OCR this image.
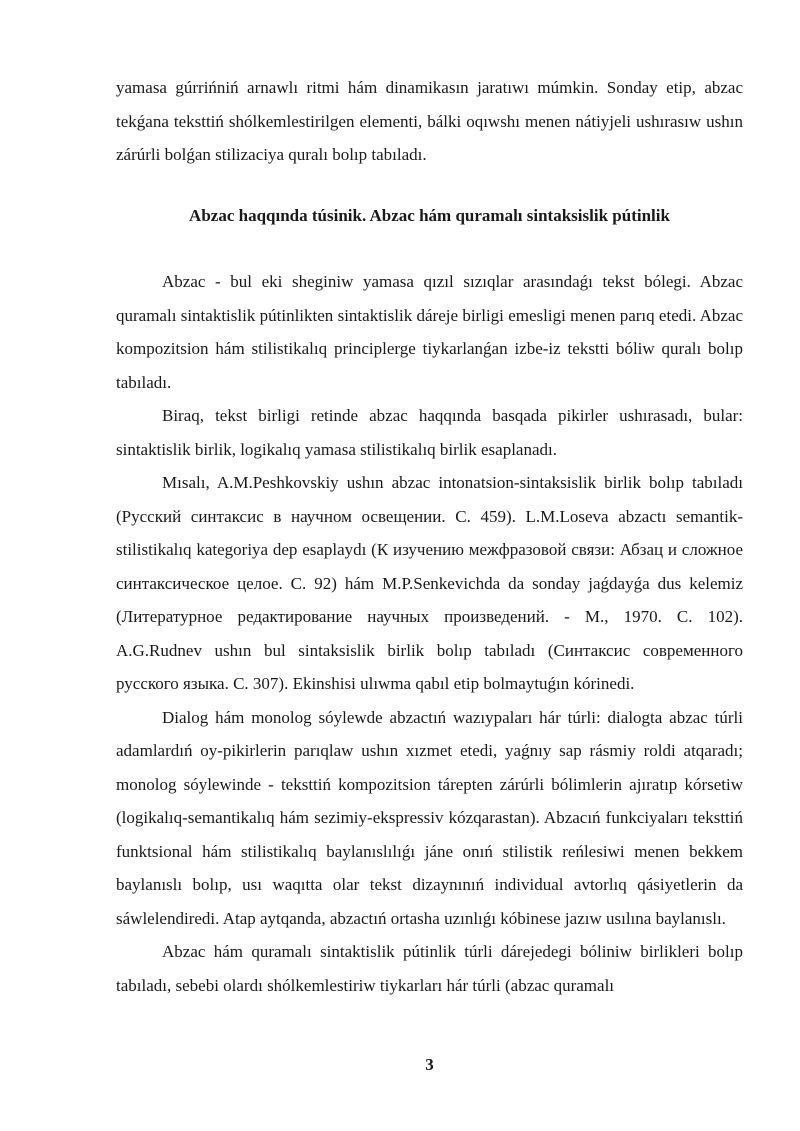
yamasa gúrrińniń arnawlı ritmi hám dinamikasın jaratıwı múmkin. Sonday etip, abzac tekǵana teksttiń shólkemlestirilgen elementi, bálki oqıwshı menen nátiyjeli ushırasıw ushın zárúrli bolǵan stilizaciya quralı bolıp tabıladı.

Abzac haqqında túsinik. Abzac hám quramalı sintaksislik pútinlik

Abzac - bul eki sheginiw yamasa qızıl sızıqlar arasındaǵı tekst bólegi. Abzac quramalı sintaktislik pútinlikten sintaktislik dáreje birligi emesligi menen parıq etedi. Abzac kompozitsion hám stilistikalıq principlerge tiykarlanǵan izbe-iz tekstti bóliw quralı bolıp tabıladı.

Biraq, tekst birligi retinde abzac haqqında basqada pikirler ushırasadı, bular: sintaktislik birlik, logikalıq yamasa stilistikalıq birlik esaplanadı.

Mısalı, A.M.Peshkovskiy ushın abzac intonatsion-sintaksislik birlik bolıp tabıladı (Русский синтаксис в научном освещении. С. 459). L.M.Loseva abzactı semantik-stilistikalıq kategoriya dep esaplaydı (К изучению межфразовой связи: Абзац и сложное синтаксическое целое. С. 92) hám M.P.Senkevichda da sonday jaǵdayǵa dus kelemiz (Литературное редактирование научных произведений. - М., 1970. С. 102). A.G.Rudnev ushın bul sintaksislik birlik bolıp tabıladı (Синтаксис современного русского языка. С. 307). Ekinshisi ulıwma qabıl etip bolmaytuǵın kórinedi.

Dialog hám monolog sóylewde abzactıń wazıypaları hár túrli: dialogta abzac túrli adamlardıń oy-pikirlerin parıqlaw ushın xızmet etedi, yaǵnıy sap rásmiy roldi atqaradı; monolog sóylewinde - teksttiń kompozitsion tárepten zárúrli bólimlerin ajıratıp kórsetiw (logikalıq-semantikalıq hám sezimiy-ekspressiv kózqarastan). Abzacıń funkciyaları teksttiń funktsional hám stilistikalıq baylanıslılıǵı jáne onıń stilistik reńlesiwi menen bekkem baylanıslı bolıp, usı waqıtta olar tekst dizaynınıń individual avtorlıq qásiyetlerin da sáwlelendiredi. Atap aytqanda, abzactıń ortasha uzınlıǵı kóbinese jazıw usılına baylanıslı.

Abzac hám quramalı sintaktislik pútinlik túrli dárejedegi bóliniw birlikleri bolıp tabıladı, sebebi olardı shólkemlestiriw tiykarları hár túrli (abzac quramalı

3
